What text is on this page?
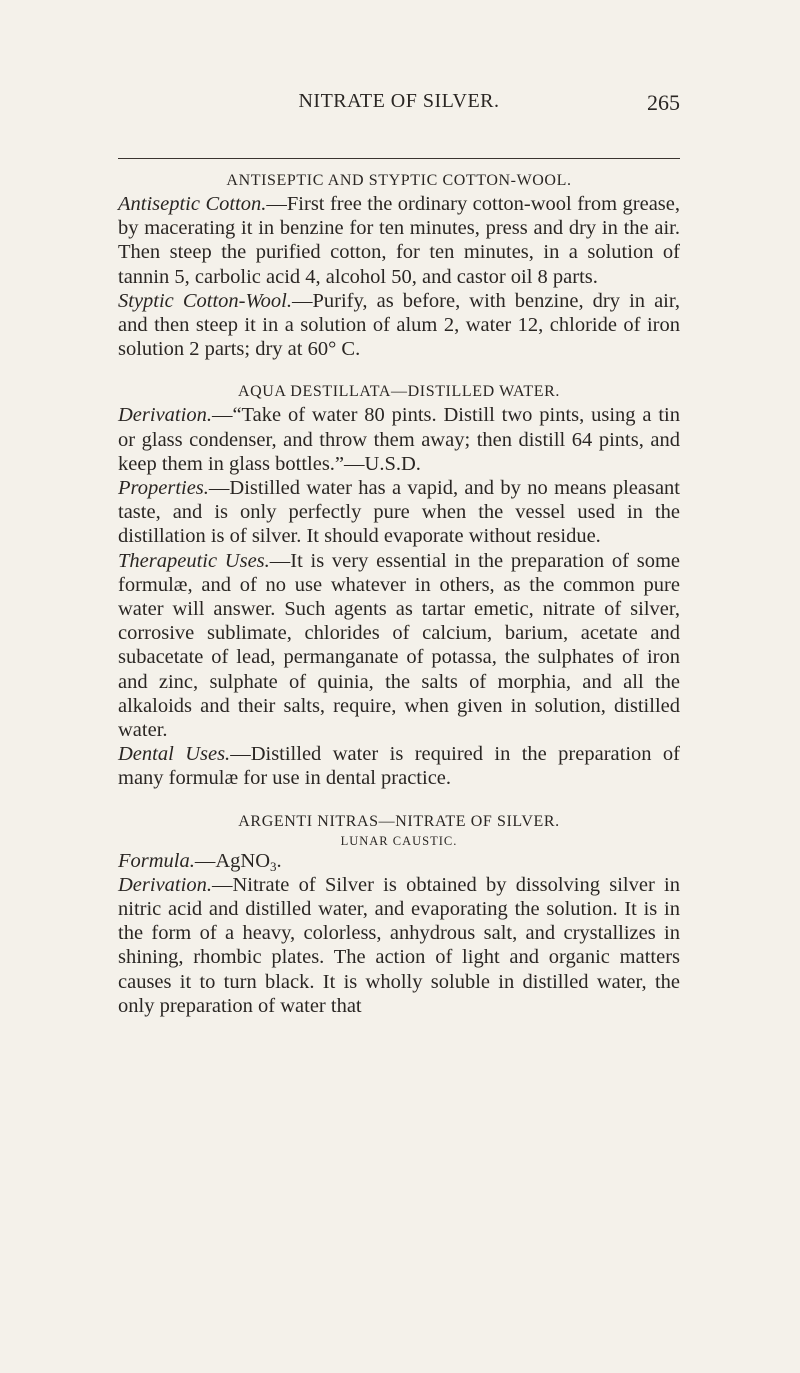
NITRATE OF SILVER.	265
ANTISEPTIC AND STYPTIC COTTON-WOOL.

Antiseptic Cotton.—First free the ordinary cotton-wool from grease, by macerating it in benzine for ten minutes, press and dry in the air. Then steep the purified cotton, for ten minutes, in a solution of tannin 5, carbolic acid 4, alcohol 50, and castor oil 8 parts.

Styptic Cotton-Wool.—Purify, as before, with benzine, dry in air, and then steep it in a solution of alum 2, water 12, chloride of iron solution 2 parts; dry at 60° C.

AQUA DESTILLATA—DISTILLED WATER.

Derivation.—“Take of water 80 pints. Distill two pints, using a tin or glass condenser, and throw them away; then distill 64 pints, and keep them in glass bottles.”—U.S.D.

Properties.—Distilled water has a vapid, and by no means pleasant taste, and is only perfectly pure when the vessel used in the distillation is of silver. It should evaporate without residue.

Therapeutic Uses.—It is very essential in the preparation of some formulæ, and of no use whatever in others, as the common pure water will answer. Such agents as tartar emetic, nitrate of silver, corrosive sublimate, chlorides of calcium, barium, acetate and subacetate of lead, permanganate of potassa, the sulphates of iron and zinc, sulphate of quinia, the salts of morphia, and all the alkaloids and their salts, require, when given in solution, distilled water.

Dental Uses.—Distilled water is required in the preparation of many formulæ for use in dental practice.

ARGENTI NITRAS—NITRATE OF SILVER.
LUNAR CAUSTIC.

Formula.—AgNO$_3$.

Derivation.—Nitrate of Silver is obtained by dissolving silver in nitric acid and distilled water, and evaporating the solution. It is in the form of a heavy, colorless, anhydrous salt, and crystallizes in shining, rhombic plates. The action of light and organic matters causes it to turn black. It is wholly soluble in distilled water, the only preparation of water that
